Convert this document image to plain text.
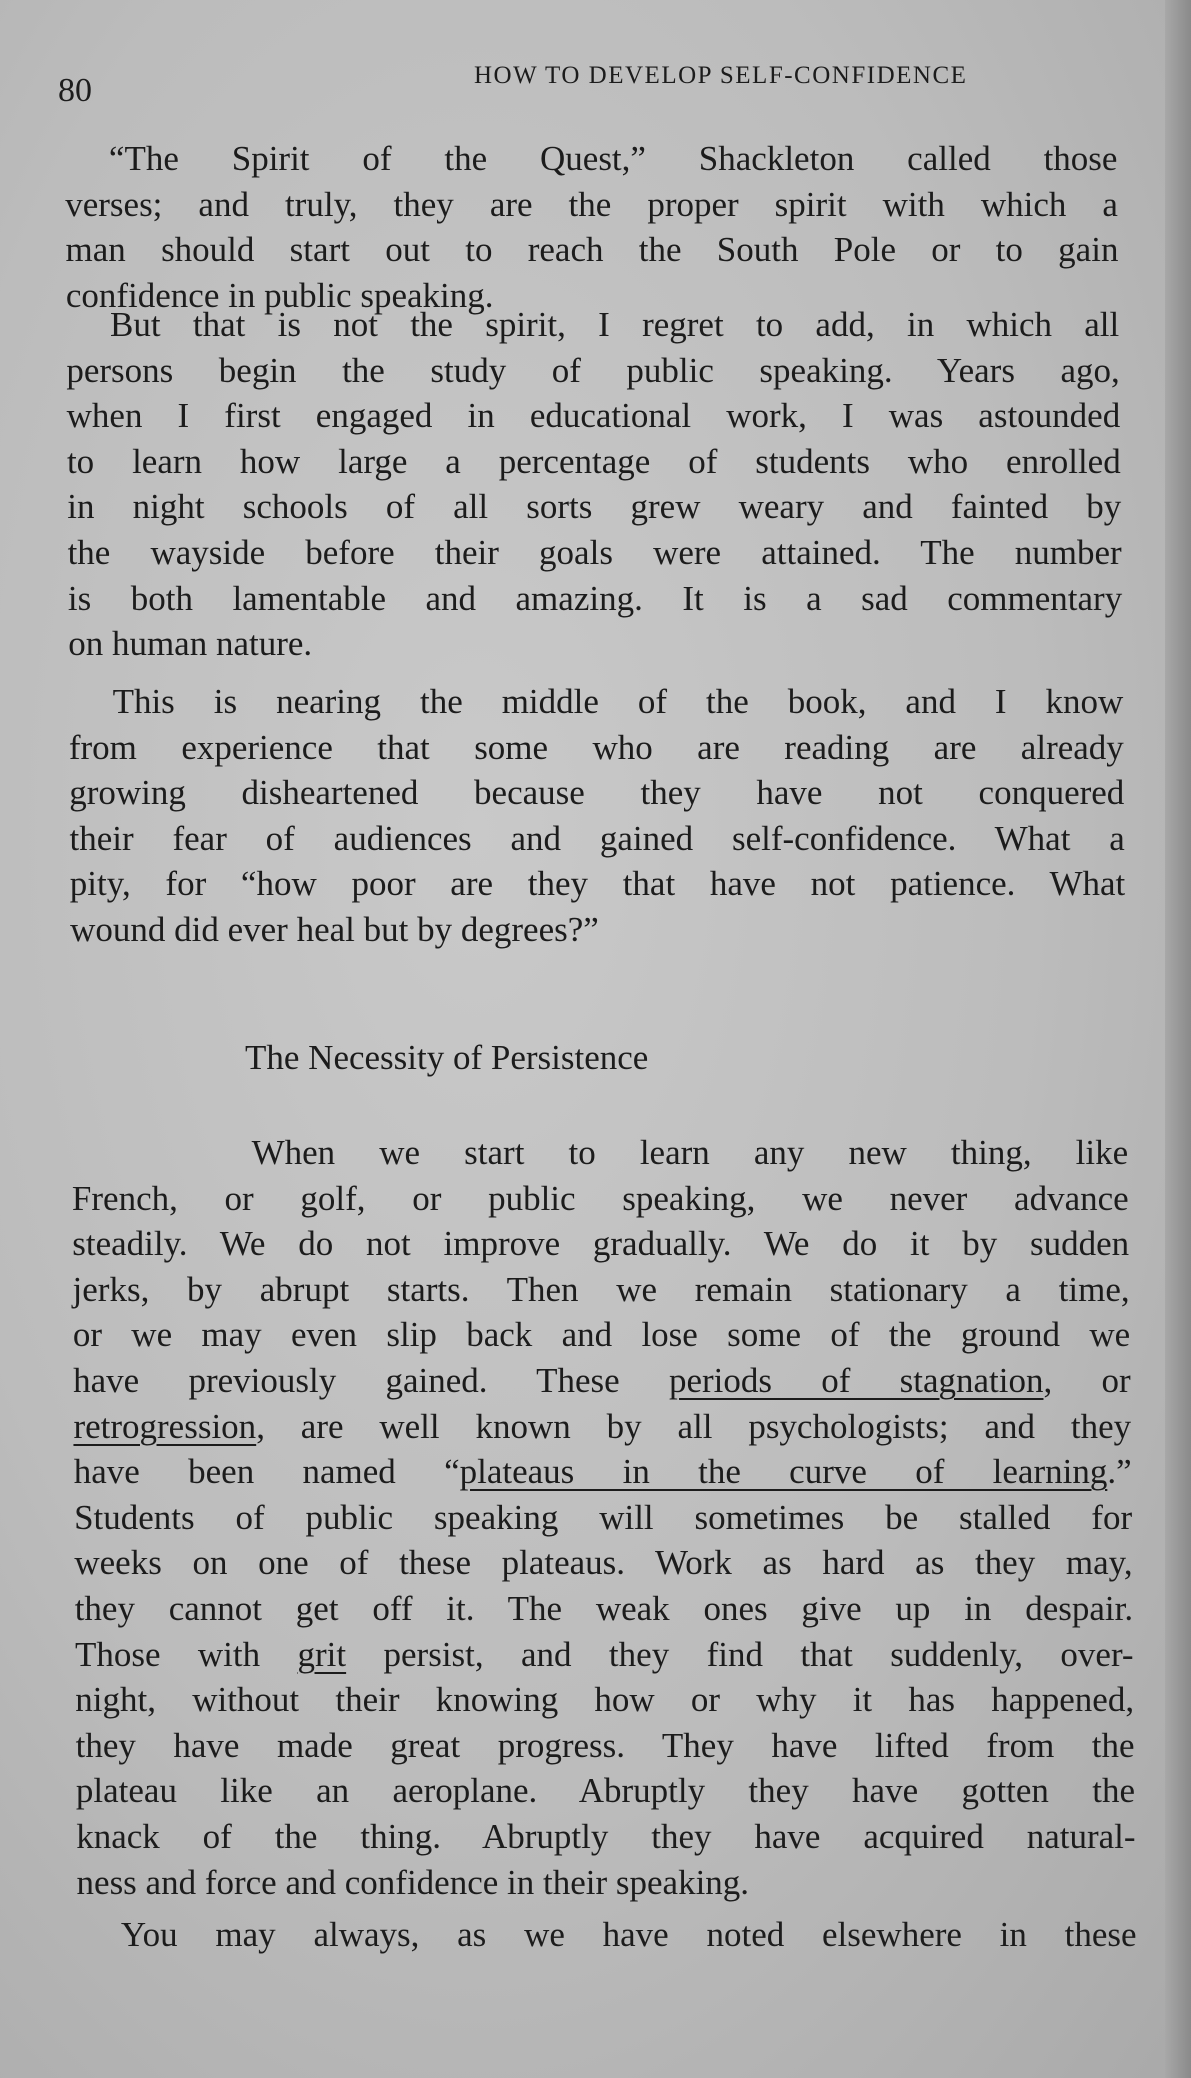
80	HOW TO DEVELOP SELF-CONFIDENCE
The Necessity of Persistence
“The Spirit of the Quest,” Shackleton called those
verses; and truly, they are the proper spirit with which a
man should start out to reach the South Pole or to gain
confidence in public speaking.
But that is not the spirit, I regret to add, in which all
persons begin the study of public speaking. Years ago,
when I first engaged in educational work, I was astounded
to learn how large a percentage of students who enrolled
in night schools of all sorts grew weary and fainted by
the wayside before their goals were attained. The number
is both lamentable and amazing. It is a sad commentary
on human nature.
This is nearing the middle of the book, and I know
from experience that some who are reading are already
growing disheartened because they have not conquered
their fear of audiences and gained self-confidence. What a
pity, for “how poor are they that have not patience. What
wound did ever heal but by degrees?”
When we start to learn any new thing, like
French, or golf, or public speaking, we never advance
steadily. We do not improve gradually. We do it by sudden
jerks, by abrupt starts. Then we remain stationary a time,
or we may even slip back and lose some of the ground we
have previously gained. These periods of stagnation, or
retrogression, are well known by all psychologists; and they
have been named “plateaus in the curve of learning.”
Students of public speaking will sometimes be stalled for
weeks on one of these plateaus. Work as hard as they may,
they cannot get off it. The weak ones give up in despair.
Those with grit persist, and they find that suddenly, over-
night, without their knowing how or why it has happened,
they have made great progress. They have lifted from the
plateau like an aeroplane. Abruptly they have gotten the
knack of the thing. Abruptly they have acquired natural-
ness and force and confidence in their speaking.
You may always, as we have noted elsewhere in these
